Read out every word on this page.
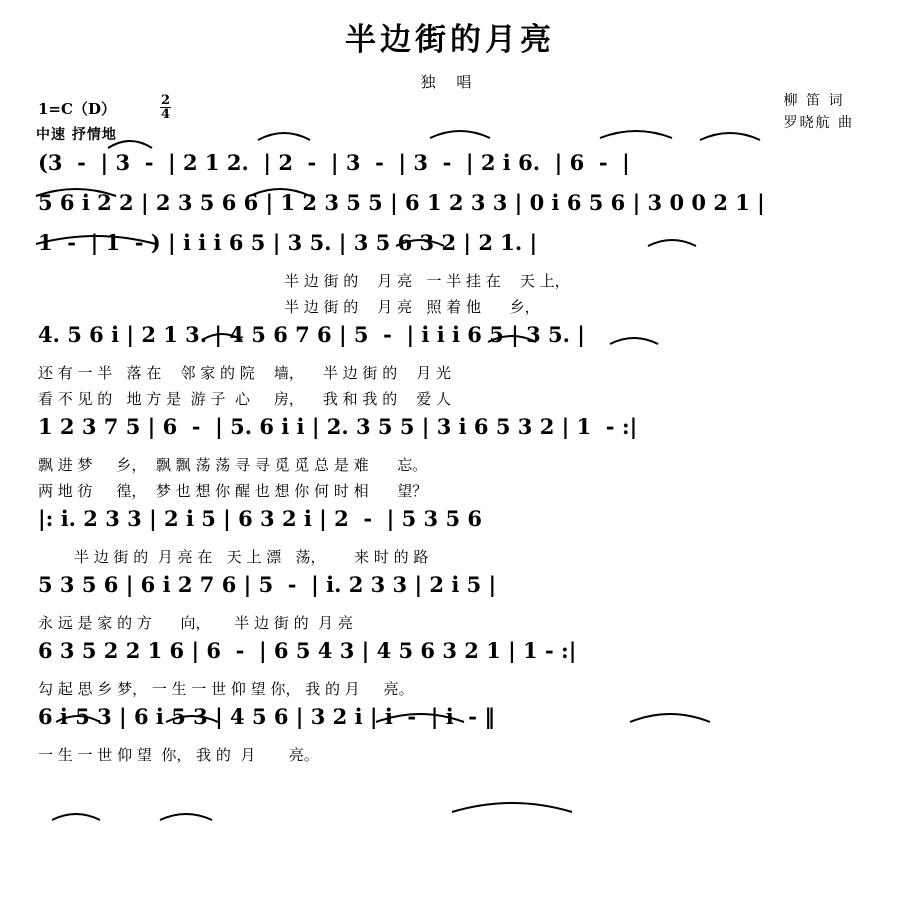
半边街的月亮
独 唱
1=C（D）	$\frac{2}{4}$
中速 抒情地
柳 笛 词
罗晓航 曲
(3  -  | 3  -  | 2 1 2.  | 2  -  | 3  -  | 3  -  | 2 i 6.  | 6  -  |
5 6 i 2 2 | 2 3 5 6 6 | 1 2 3 5 5 | 6 1 2 3 3 | 0 i 6 5 6 | 3 0 0 2 1 |
1  -  | 1  - ) | i i i 6 5 | 3 5. | 3 5 6 3 2 | 2 1. |
半 边 街 的    月 亮   一 半 挂 在    天 上，
半 边 街 的    月 亮   照 着 他      乡，
4. 5 6 i | 2 1 3. | 4 5 6 7 6 | 5  -  | i i i 6 5 | 3 5. |
还 有 一 半   落 在    邻 家 的 院    墙，    半 边 街 的    月 光
看 不 见 的   地 方 是  游 子  心     房，    我 和 我 的    爱 人
1 2 3 7 5 | 6  -  | 5. 6 i i | 2. 3 5 5 | 3 i 6 5 3 2 | 1  - :|
飘 进 梦     乡，  飘 飘 荡 荡 寻 寻 觅 觅 总 是 难      忘。
两 地 彷     徨，  梦 也 想 你 醒 也 想 你 何 时 相      望？
|: i. 2 3 3 | 2 i 5 | 6 3 2 i | 2  -  | 5 3 5 6
半 边 街 的  月 亮 在   天 上 漂   荡，      来 时 的 路
5 3 5 6 | 6 i 2 7 6 | 5  -  | i. 2 3 3 | 2 i 5 |
永 远 是 家 的 方      向，     半 边 街 的  月 亮
6 3 5 2 2 1 6 | 6  -  | 6 5 4 3 | 4 5 6 3 2 1 | 1 - :|
勾 起 思 乡 梦， 一 生 一 世 仰 望 你， 我 的 月     亮。
6 i 5 3 | 6 i 5 3 | 4 5 6 | 3 2 i | i  -  | i  - ‖
一 生 一 世 仰 望  你， 我 的  月       亮。
